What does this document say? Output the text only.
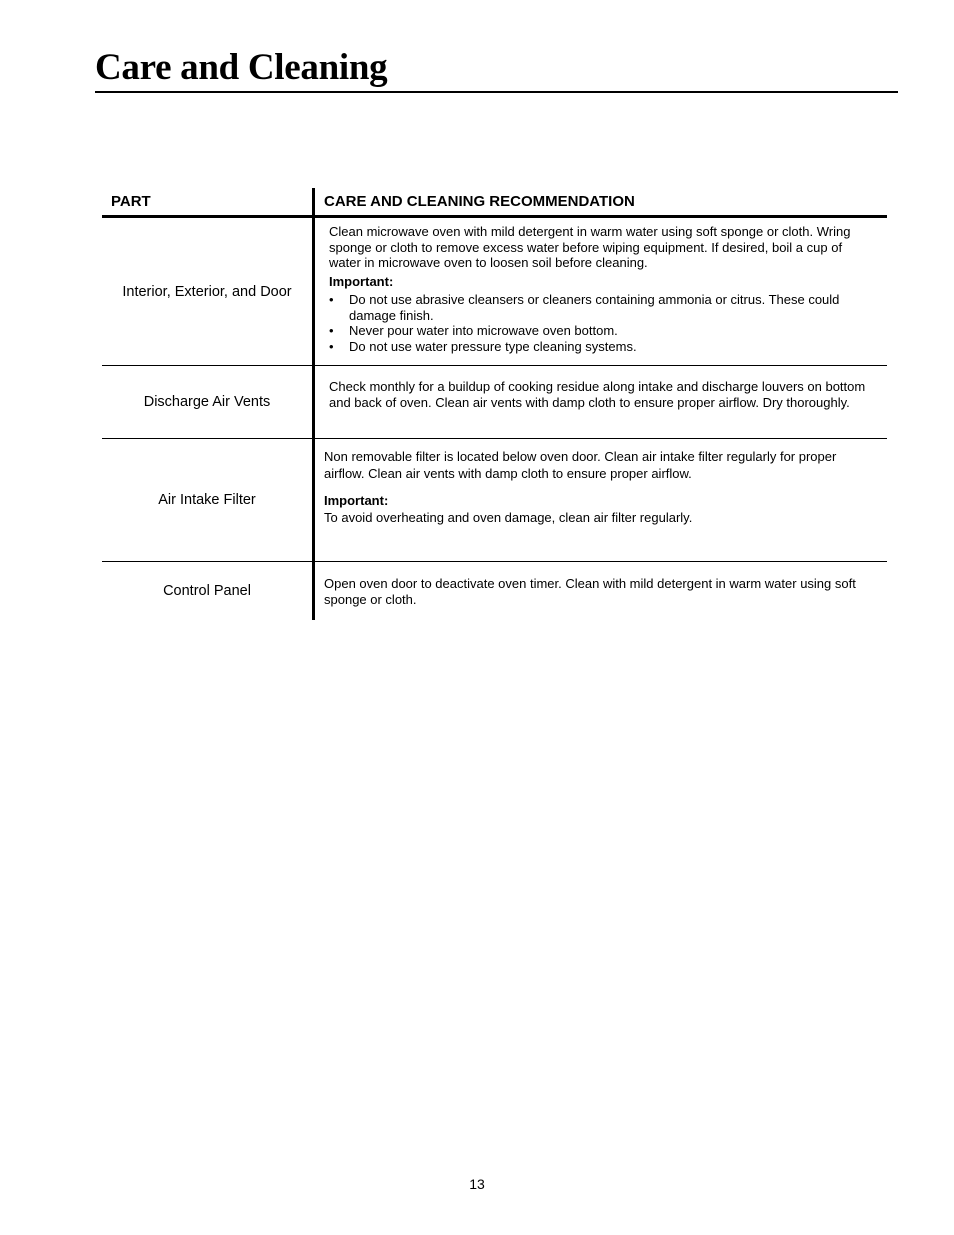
Care and Cleaning
PART	CARE AND CLEANING RECOMMENDATION
Interior, Exterior, and Door
Clean microwave oven with mild detergent in warm water using soft sponge or cloth. Wring sponge or cloth to remove excess water before wiping equipment. If desired, boil a cup of water in microwave oven to loosen soil before cleaning.
Important:
• Do not use abrasive cleansers or cleaners containing ammonia or citrus. These could damage finish.
• Never pour water into microwave oven bottom.
• Do not use water pressure type cleaning systems.
Discharge Air Vents
Check monthly for a buildup of cooking residue along intake and discharge louvers on bottom and back of oven. Clean air vents with damp cloth to ensure proper airflow. Dry thoroughly.
Air Intake Filter
Non removable filter is located below oven door. Clean air intake filter regularly for proper airflow. Clean air vents with damp cloth to ensure proper airflow.
Important:
To avoid overheating and oven damage, clean air filter regularly.
Control Panel	Open oven door to deactivate oven timer. Clean with mild detergent in warm water using soft sponge or cloth.
13
